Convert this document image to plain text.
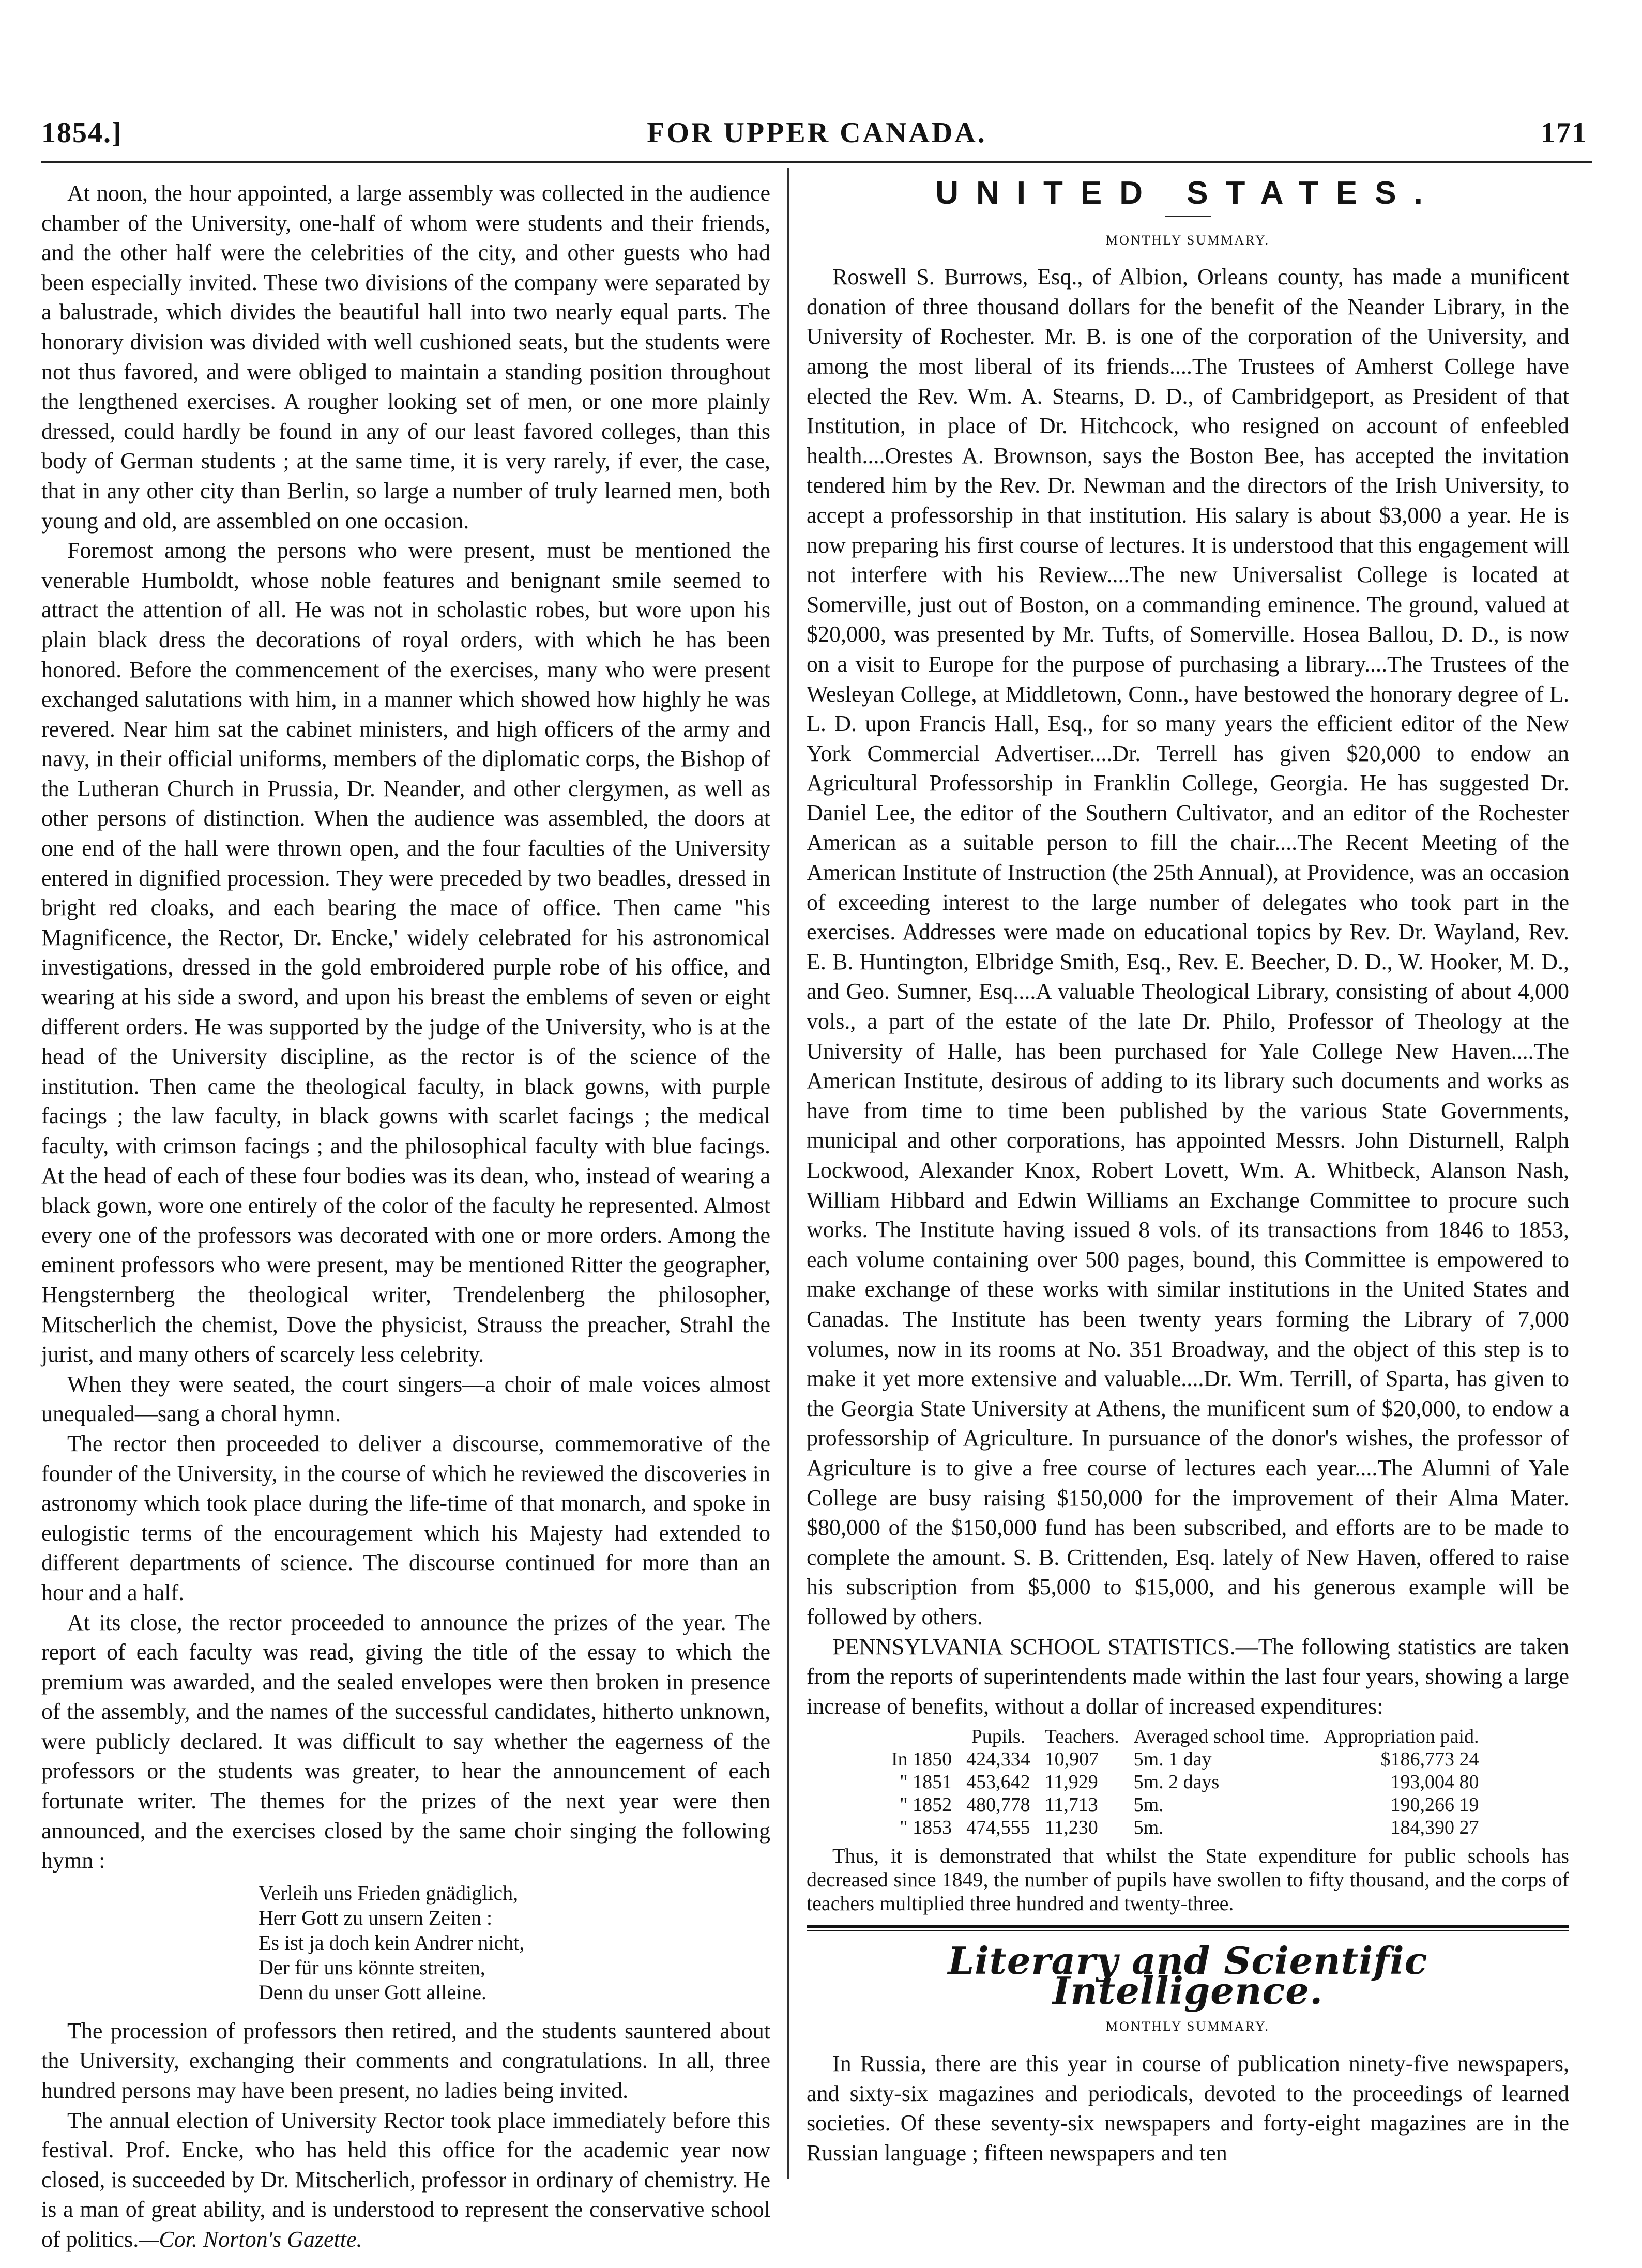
1854.]	FOR UPPER CANADA.	171

At noon, the hour appointed, a large assembly was collected in the audience chamber of the University, one-half of whom were students and their friends, and the other half were the celebrities of the city, and other guests who had been especially invited. These two divisions of the company were separated by a balustrade, which divides the beautiful hall into two nearly equal parts. The honorary division was divided with well cushioned seats, but the students were not thus favored, and were obliged to maintain a standing position throughout the lengthened exercises. A rougher looking set of men, or one more plainly dressed, could hardly be found in any of our least favored colleges, than this body of German students ; at the same time, it is very rarely, if ever, the case, that in any other city than Berlin, so large a number of truly learned men, both young and old, are assembled on one occasion.

Foremost among the persons who were present, must be mentioned the venerable Humboldt, whose noble features and benignant smile seemed to attract the attention of all. He was not in scholastic robes, but wore upon his plain black dress the decorations of royal orders, with which he has been honored. Before the commencement of the exercises, many who were present exchanged salutations with him, in a manner which showed how highly he was revered. Near him sat the cabinet ministers, and high officers of the army and navy, in their official uniforms, members of the diplomatic corps, the Bishop of the Lutheran Church in Prussia, Dr. Neander, and other clergymen, as well as other persons of distinction. When the audience was assembled, the doors at one end of the hall were thrown open, and the four faculties of the University entered in dignified procession. They were preceded by two beadles, dressed in bright red cloaks, and each bearing the mace of office. Then came "his Magnificence, the Rector, Dr. Encke,' widely celebrated for his astronomical investigations, dressed in the gold embroidered purple robe of his office, and wearing at his side a sword, and upon his breast the emblems of seven or eight different orders. He was supported by the judge of the University, who is at the head of the University discipline, as the rector is of the science of the institution. Then came the theological faculty, in black gowns, with purple facings ; the law faculty, in black gowns with scarlet facings ; the medical faculty, with crimson facings ; and the philosophical faculty with blue facings. At the head of each of these four bodies was its dean, who, instead of wearing a black gown, wore one entirely of the color of the faculty he represented. Almost every one of the professors was decorated with one or more orders. Among the eminent professors who were present, may be mentioned Ritter the geographer, Hengsternberg the theological writer, Trendelenberg the philosopher, Mitscherlich the chemist, Dove the physicist, Strauss the preacher, Strahl the jurist, and many others of scarcely less celebrity.

When they were seated, the court singers—a choir of male voices almost unequaled—sang a choral hymn.

The rector then proceeded to deliver a discourse, commemorative of the founder of the University, in the course of which he reviewed the discoveries in astronomy which took place during the life-time of that monarch, and spoke in eulogistic terms of the encouragement which his Majesty had extended to different departments of science. The discourse continued for more than an hour and a half.

At its close, the rector proceeded to announce the prizes of the year. The report of each faculty was read, giving the title of the essay to which the premium was awarded, and the sealed envelopes were then broken in presence of the assembly, and the names of the successful candidates, hitherto unknown, were publicly declared. It was difficult to say whether the eagerness of the professors or the students was greater, to hear the announcement of each fortunate writer. The themes for the prizes of the next year were then announced, and the exercises closed by the same choir singing the following hymn :

Verleih uns Frieden gnädiglich,
Herr Gott zu unsern Zeiten :
Es ist ja doch kein Andrer nicht,
Der für uns könnte streiten,
Denn du unser Gott alleine.

The procession of professors then retired, and the students sauntered about the University, exchanging their comments and congratulations. In all, three hundred persons may have been present, no ladies being invited.

The annual election of University Rector took place immediately before this festival. Prof. Encke, who has held this office for the academic year now closed, is succeeded by Dr. Mitscherlich, professor in ordinary of chemistry. He is a man of great ability, and is understood to represent the conservative school of politics.—Cor. Norton's Gazette.

UNITED STATES.
MONTHLY SUMMARY.

Roswell S. Burrows, Esq., of Albion, Orleans county, has made a munificent donation of three thousand dollars for the benefit of the Neander Library, in the University of Rochester. Mr. B. is one of the corporation of the University, and among the most liberal of its friends....The Trustees of Amherst College have elected the Rev. Wm. A. Stearns, D. D., of Cambridgeport, as President of that Institution, in place of Dr. Hitchcock, who resigned on account of enfeebled health....Orestes A. Brownson, says the Boston Bee, has accepted the invitation tendered him by the Rev. Dr. Newman and the directors of the Irish University, to accept a professorship in that institution. His salary is about $3,000 a year. He is now preparing his first course of lectures. It is understood that this engagement will not interfere with his Review....The new Universalist College is located at Somerville, just out of Boston, on a commanding eminence. The ground, valued at $20,000, was presented by Mr. Tufts, of Somerville. Hosea Ballou, D. D., is now on a visit to Europe for the purpose of purchasing a library....The Trustees of the Wesleyan College, at Middletown, Conn., have bestowed the honorary degree of L. L. D. upon Francis Hall, Esq., for so many years the efficient editor of the New York Commercial Advertiser....Dr. Terrell has given $20,000 to endow an Agricultural Professorship in Franklin College, Georgia. He has suggested Dr. Daniel Lee, the editor of the Southern Cultivator, and an editor of the Rochester American as a suitable person to fill the chair....The Recent Meeting of the American Institute of Instruction (the 25th Annual), at Providence, was an occasion of exceeding interest to the large number of delegates who took part in the exercises. Addresses were made on educational topics by Rev. Dr. Wayland, Rev. E. B. Huntington, Elbridge Smith, Esq., Rev. E. Beecher, D. D., W. Hooker, M. D., and Geo. Sumner, Esq....A valuable Theological Library, consisting of about 4,000 vols., a part of the estate of the late Dr. Philo, Professor of Theology at the University of Halle, has been purchased for Yale College New Haven....The American Institute, desirous of adding to its library such documents and works as have from time to time been published by the various State Governments, municipal and other corporations, has appointed Messrs. John Disturnell, Ralph Lockwood, Alexander Knox, Robert Lovett, Wm. A. Whitbeck, Alanson Nash, William Hibbard and Edwin Williams an Exchange Committee to procure such works. The Institute having issued 8 vols. of its transactions from 1846 to 1853, each volume containing over 500 pages, bound, this Committee is empowered to make exchange of these works with similar institutions in the United States and Canadas. The Institute has been twenty years forming the Library of 7,000 volumes, now in its rooms at No. 351 Broadway, and the object of this step is to make it yet more extensive and valuable....Dr. Wm. Terrill, of Sparta, has given to the Georgia State University at Athens, the munificent sum of $20,000, to endow a professorship of Agriculture. In pursuance of the donor's wishes, the professor of Agriculture is to give a free course of lectures each year....The Alumni of Yale College are busy raising $150,000 for the improvement of their Alma Mater. $80,000 of the $150,000 fund has been subscribed, and efforts are to be made to complete the amount. S. B. Crittenden, Esq. lately of New Haven, offered to raise his subscription from $5,000 to $15,000, and his generous example will be followed by others.

PENNSYLVANIA SCHOOL STATISTICS.—The following statistics are taken from the reports of superintendents made within the last four years, showing a large increase of benefits, without a dollar of increased expenditures:

	Pupils.	Teachers.	Averaged school time.	Appropriation paid.
In 1850	424,334	10,907	5m. 1 day	$186,773 24
" 1851	453,642	11,929	5m. 2 days	193,004 80
" 1852	480,778	11,713	5m.	190,266 19
" 1853	474,555	11,230	5m.	184,390 27

Thus, it is demonstrated that whilst the State expenditure for public schools has decreased since 1849, the number of pupils have swollen to fifty thousand, and the corps of teachers multiplied three hundred and twenty-three.

Literary and Scientific Intelligence.
MONTHLY SUMMARY.

In Russia, there are this year in course of publication ninety-five newspapers, and sixty-six magazines and periodicals, devoted to the proceedings of learned societies. Of these seventy-six newspapers and forty-eight magazines are in the Russian language ; fifteen newspapers and ten
